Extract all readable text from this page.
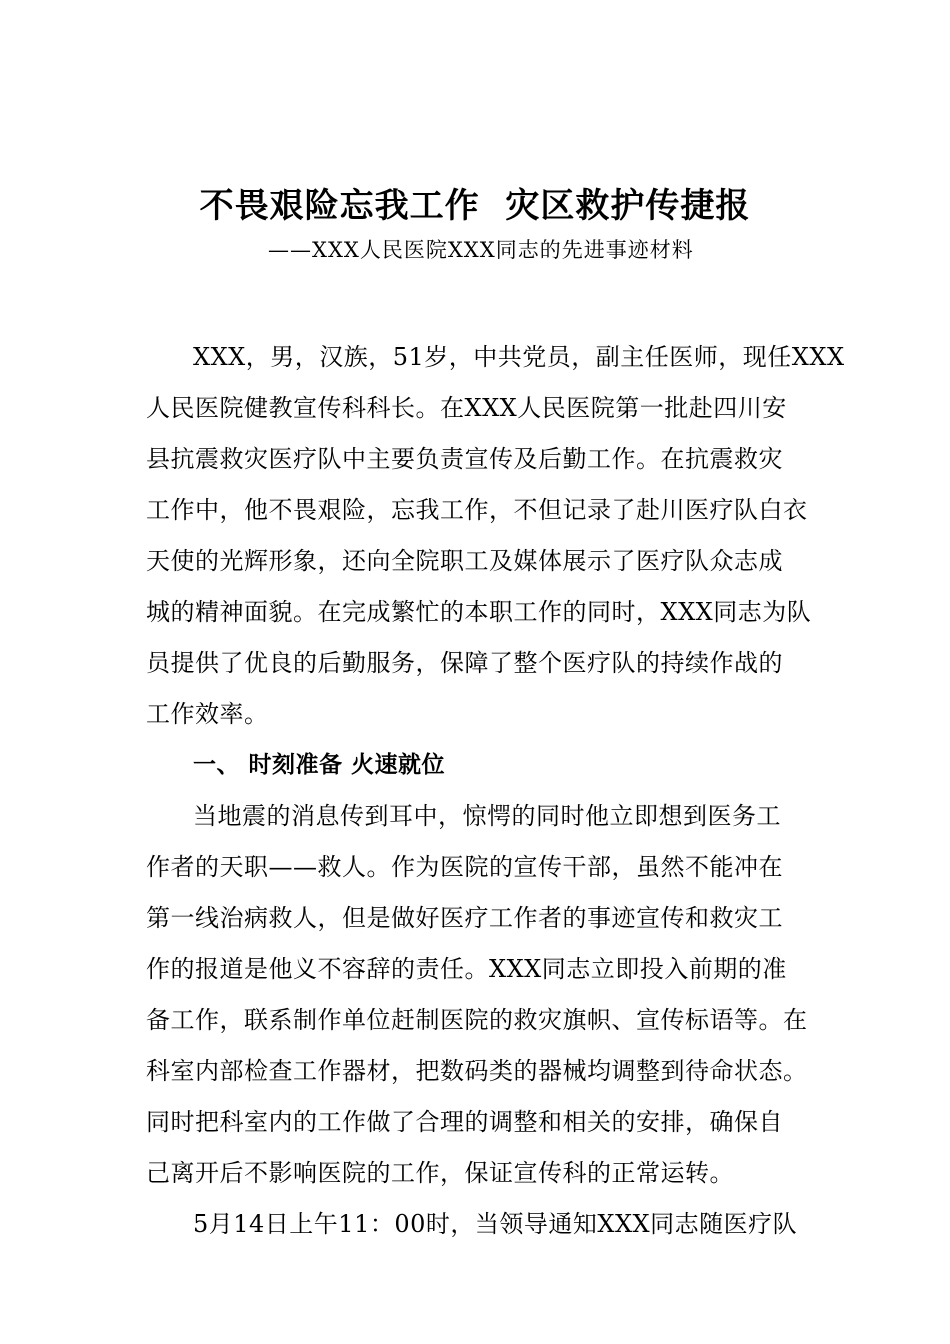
不畏艰险忘我工作  灾区救护传捷报
——XXX人民医院XXX同志的先进事迹材料
XXX，男，汉族，51岁，中共党员，副主任医师，现任XXX
人民医院健教宣传科科长。在XXX人民医院第一批赴四川安
县抗震救灾医疗队中主要负责宣传及后勤工作。在抗震救灾
工作中，他不畏艰险，忘我工作，不但记录了赴川医疗队白衣
天使的光辉形象，还向全院职工及媒体展示了医疗队众志成
城的精神面貌。在完成繁忙的本职工作的同时，XXX同志为队
员提供了优良的后勤服务，保障了整个医疗队的持续作战的
工作效率。
一、 时刻准备 火速就位
当地震的消息传到耳中，惊愕的同时他立即想到医务工
作者的天职——救人。作为医院的宣传干部，虽然不能冲在
第一线治病救人，但是做好医疗工作者的事迹宣传和救灾工
作的报道是他义不容辞的责任。XXX同志立即投入前期的准
备工作，联系制作单位赶制医院的救灾旗帜、宣传标语等。在
科室内部检查工作器材，把数码类的器械均调整到待命状态。
同时把科室内的工作做了合理的调整和相关的安排，确保自
己离开后不影响医院的工作，保证宣传科的正常运转。
5月14日上午11：00时，当领导通知XXX同志随医疗队
